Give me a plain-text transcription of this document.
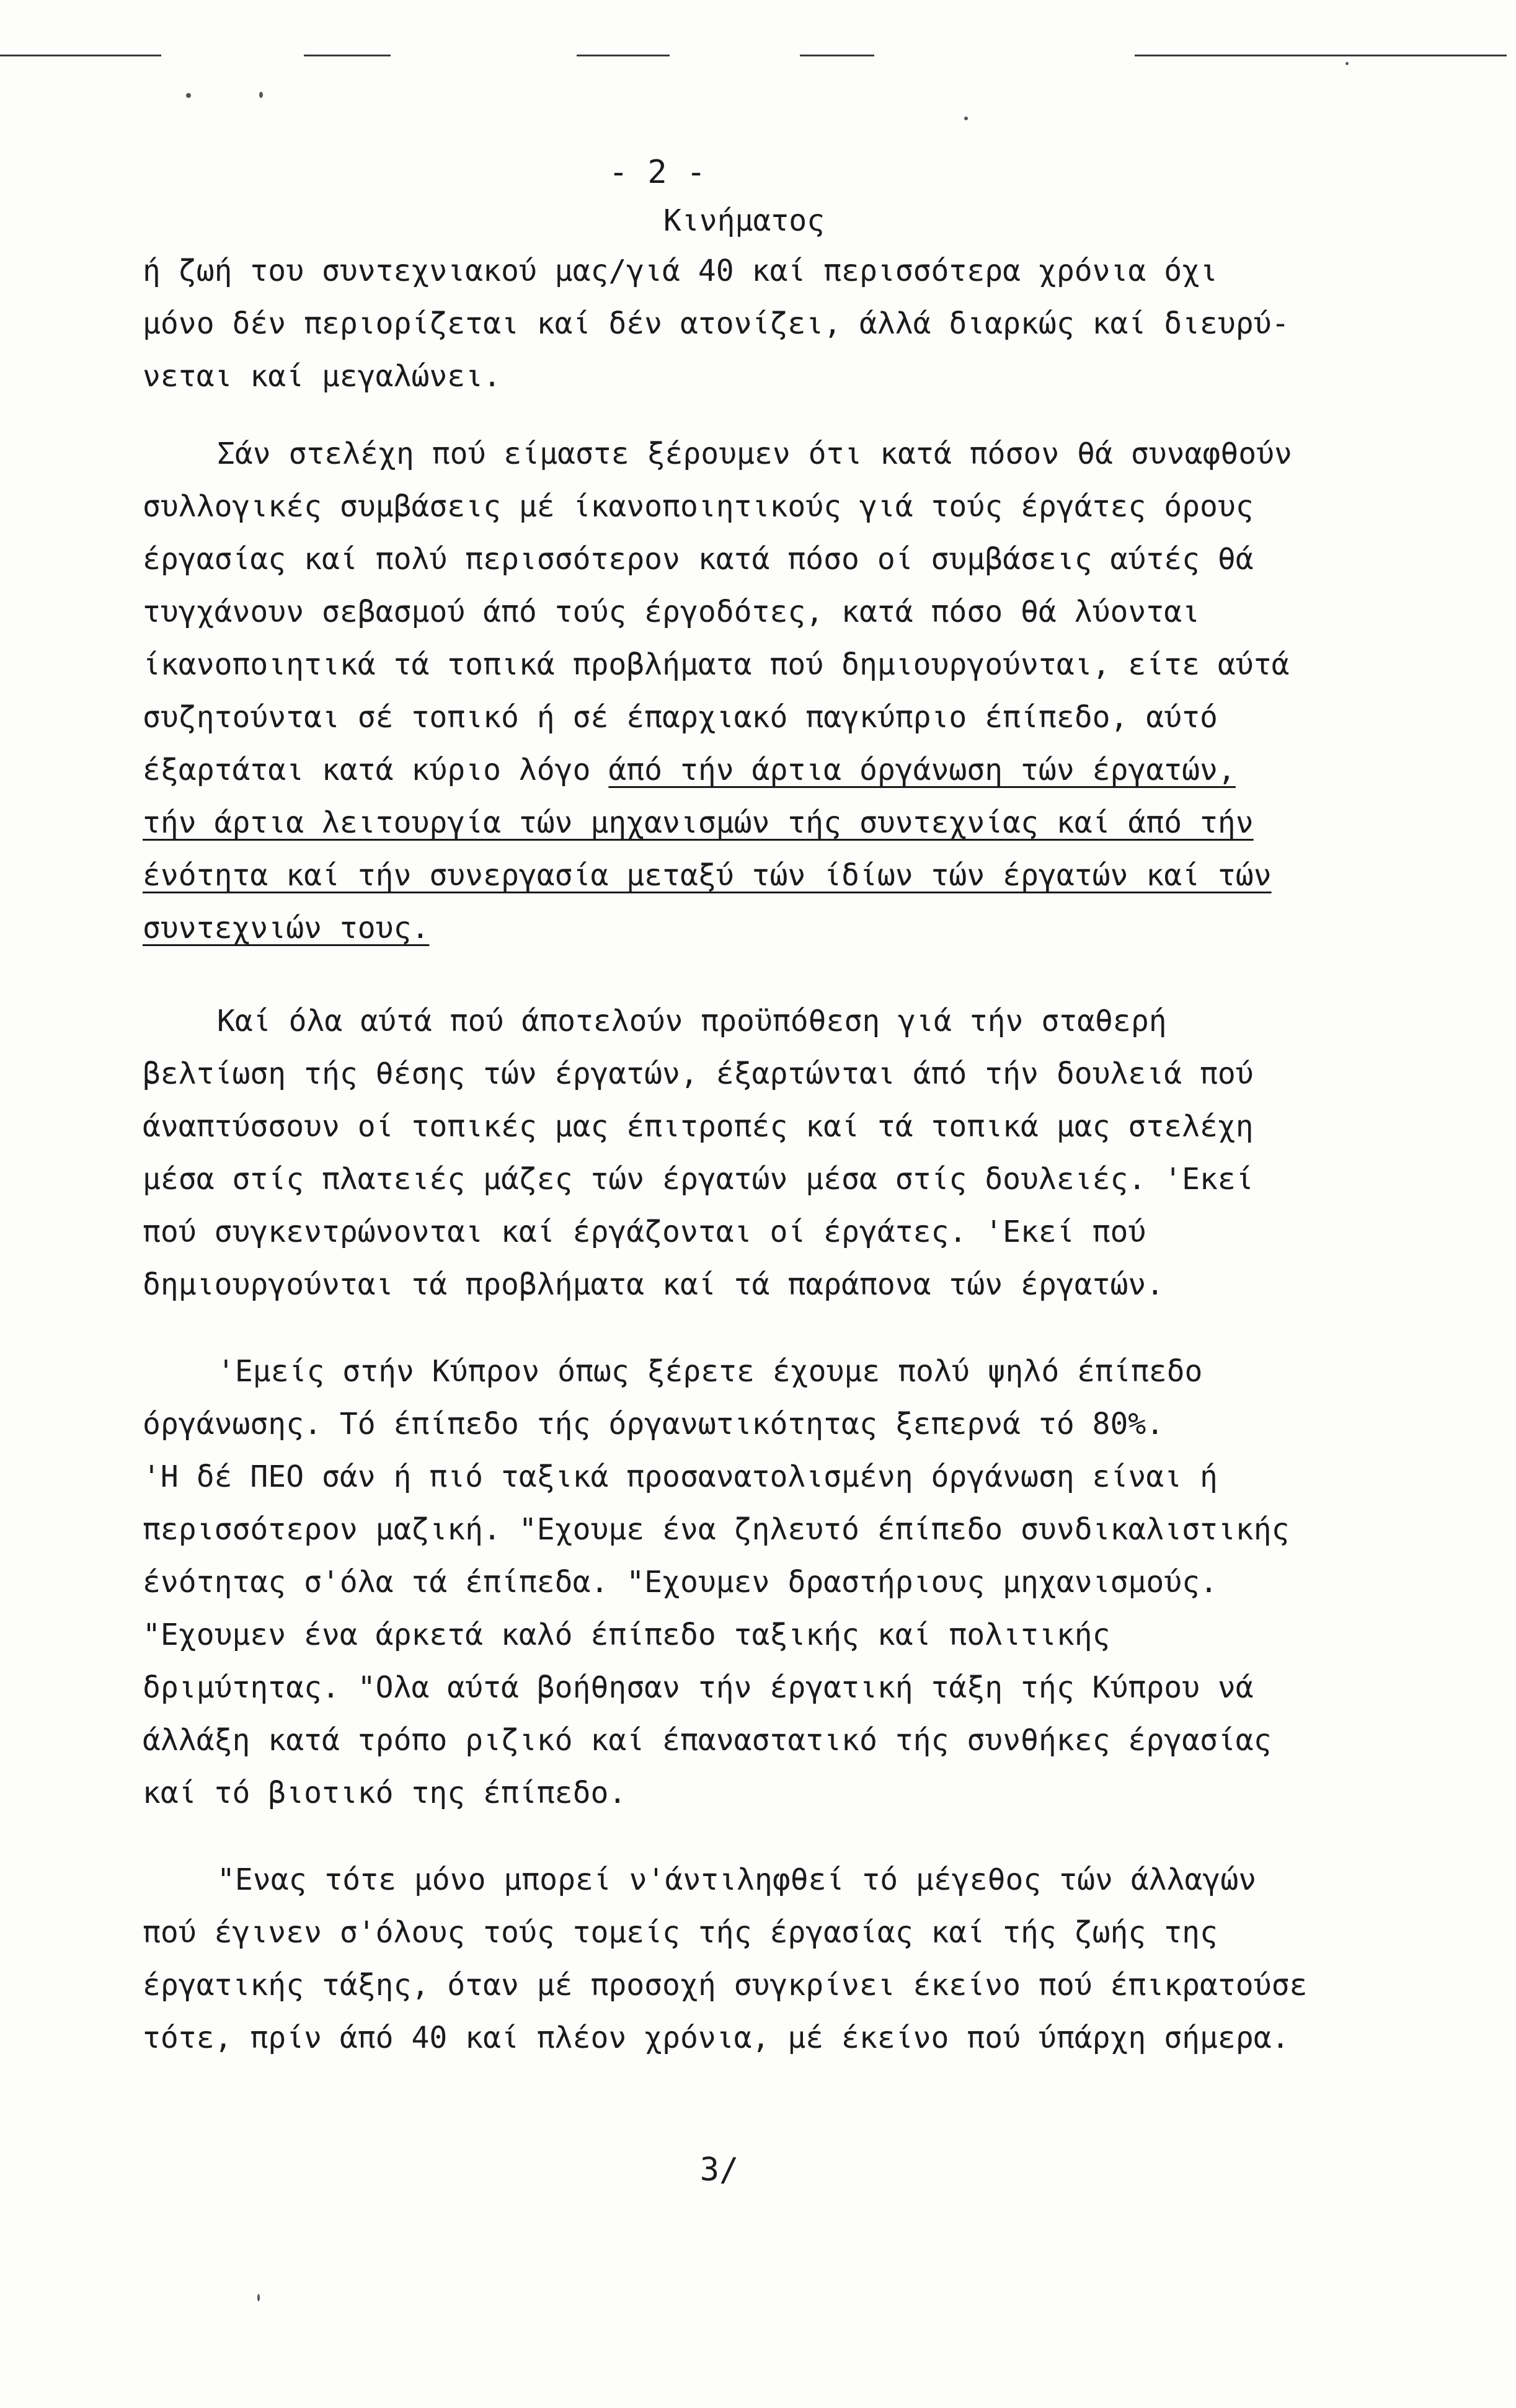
- 2 -
Κινήματος
ή ζωή του συντεχνιακού μας/γιά 40 καί περισσότερα χρόνια όχι
μόνο δέν περιορίζεται καί δέν ατονίζει, άλλά διαρκώς καί διευρύ-
νεται καί μεγαλώνει.
Σάν στελέχη πού είμαστε ξέρουμεν ότι κατά πόσον θά συναφθούν
συλλογικές συμβάσεις μέ ίκανοποιητικούς γιά τούς έργάτες όρους
έργασίας καί πολύ περισσότερον κατά πόσο οί συμβάσεις αύτές θά
τυγχάνουν σεβασμού άπό τούς έργοδότες, κατά πόσο θά λύονται
ίκανοποιητικά τά τοπικά προβλήματα πού δημιουργούνται, είτε αύτά
συζητούνται σέ τοπικό ή σέ έπαρχιακό παγκύπριο έπίπεδο, αύτό
έξαρτάται κατά κύριο λόγο άπό τήν άρτια όργάνωση τών έργατών,
τήν άρτια λειτουργία τών μηχανισμών τής συντεχνίας καί άπό τήν
ένότητα καί τήν συνεργασία μεταξύ τών ίδίων τών έργατών καί τών
συντεχνιών τους.
Καί όλα αύτά πού άποτελούν προϋπόθεση γιά τήν σταθερή
βελτίωση τής θέσης τών έργατών, έξαρτώνται άπό τήν δουλειά πού
άναπτύσσουν οί τοπικές μας έπιτροπές καί τά τοπικά μας στελέχη
μέσα στίς πλατειές μάζες τών έργατών μέσα στίς δουλειές. 'Εκεί
πού συγκεντρώνονται καί έργάζονται οί έργάτες. 'Εκεί πού
δημιουργούνται τά προβλήματα καί τά παράπονα τών έργατών.
'Εμείς στήν Κύπρον όπως ξέρετε έχουμε πολύ ψηλό έπίπεδο
όργάνωσης. Τό έπίπεδο τής όργανωτικότητας ξεπερνά τό 80%.
'Η δέ ΠΕΟ σάν ή πιό ταξικά προσανατολισμένη όργάνωση είναι ή
περισσότερον μαζική. "Εχουμε ένα ζηλευτό έπίπεδο συνδικαλιστικής
ένότητας σ'όλα τά έπίπεδα. "Εχουμεν δραστήριους μηχανισμούς.
"Εχουμεν ένα άρκετά καλό έπίπεδο ταξικής καί πολιτικής
δριμύτητας. "Ολα αύτά βοήθησαν τήν έργατική τάξη τής Κύπρου νά
άλλάξη κατά τρόπο ριζικό καί έπαναστατικό τής συνθήκες έργασίας
καί τό βιοτικό της έπίπεδο.
"Ενας τότε μόνο μπορεί ν'άντιληφθεί τό μέγεθος τών άλλαγών
πού έγινεν σ'όλους τούς τομείς τής έργασίας καί τής ζωής της
έργατικής τάξης, όταν μέ προσοχή συγκρίνει έκείνο πού έπικρατούσε
τότε, πρίν άπό 40 καί πλέον χρόνια, μέ έκείνο πού ύπάρχη σήμερα.
3/
